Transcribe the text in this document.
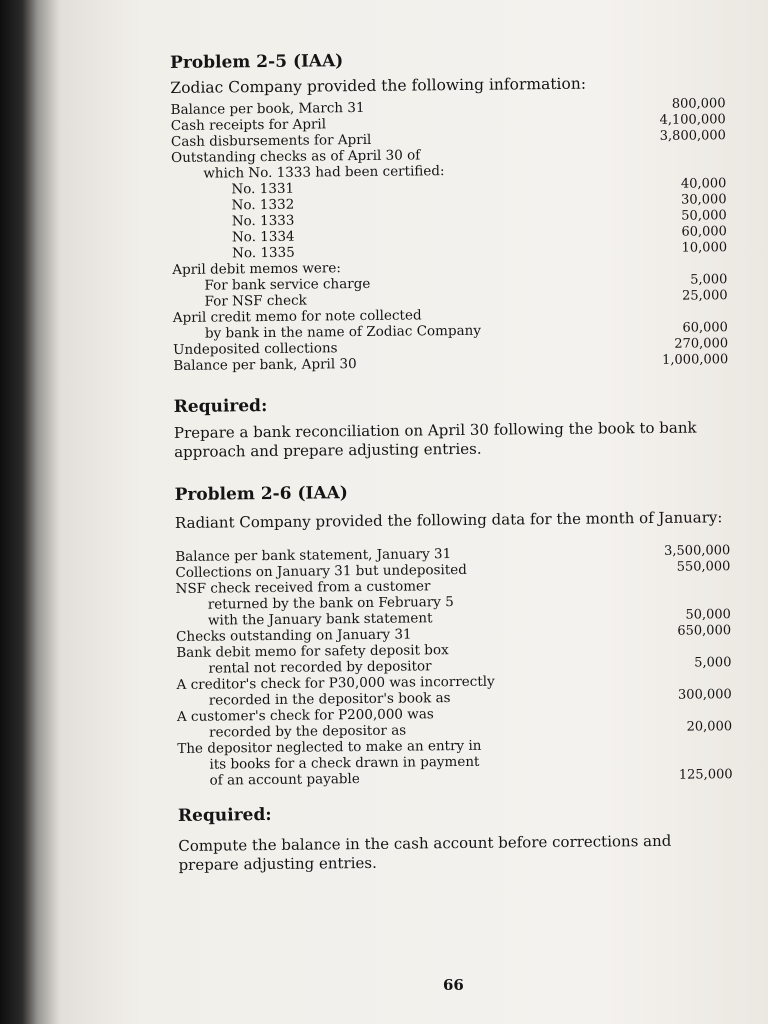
Problem 2-5 (IAA)
Zodiac Company provided the following information:
Balance per book, March 31	800,000
Cash receipts for April	4,100,000
Cash disbursements for April	3,800,000
Outstanding checks as of April 30 of
which No. 1333 had been certified:
No. 1331	40,000
No. 1332	30,000
No. 1333	50,000
No. 1334	60,000
No. 1335	10,000
April debit memos were:
For bank service charge	5,000
For NSF check	25,000
April credit memo for note collected
by bank in the name of Zodiac Company	60,000
Undeposited collections	270,000
Balance per bank, April 30	1,000,000
Required:
Prepare a bank reconciliation on April 30 following the book to bank approach and prepare adjusting entries.
Problem 2-6 (IAA)
Radiant Company provided the following data for the month of January:
Balance per bank statement, January 31	3,500,000
Collections on January 31 but undeposited	550,000
NSF check received from a customer
returned by the bank on February 5
with the January bank statement	50,000
Checks outstanding on January 31	650,000
Bank debit memo for safety deposit box
rental not recorded by depositor	5,000
A creditor's check for P30,000 was incorrectly
recorded in the depositor's book as	300,000
A customer's check for P200,000 was
recorded by the depositor as	20,000
The depositor neglected to make an entry in
its books for a check drawn in payment
of an account payable	125,000
Required:
Compute the balance in the cash account before corrections and prepare adjusting entries.
66
